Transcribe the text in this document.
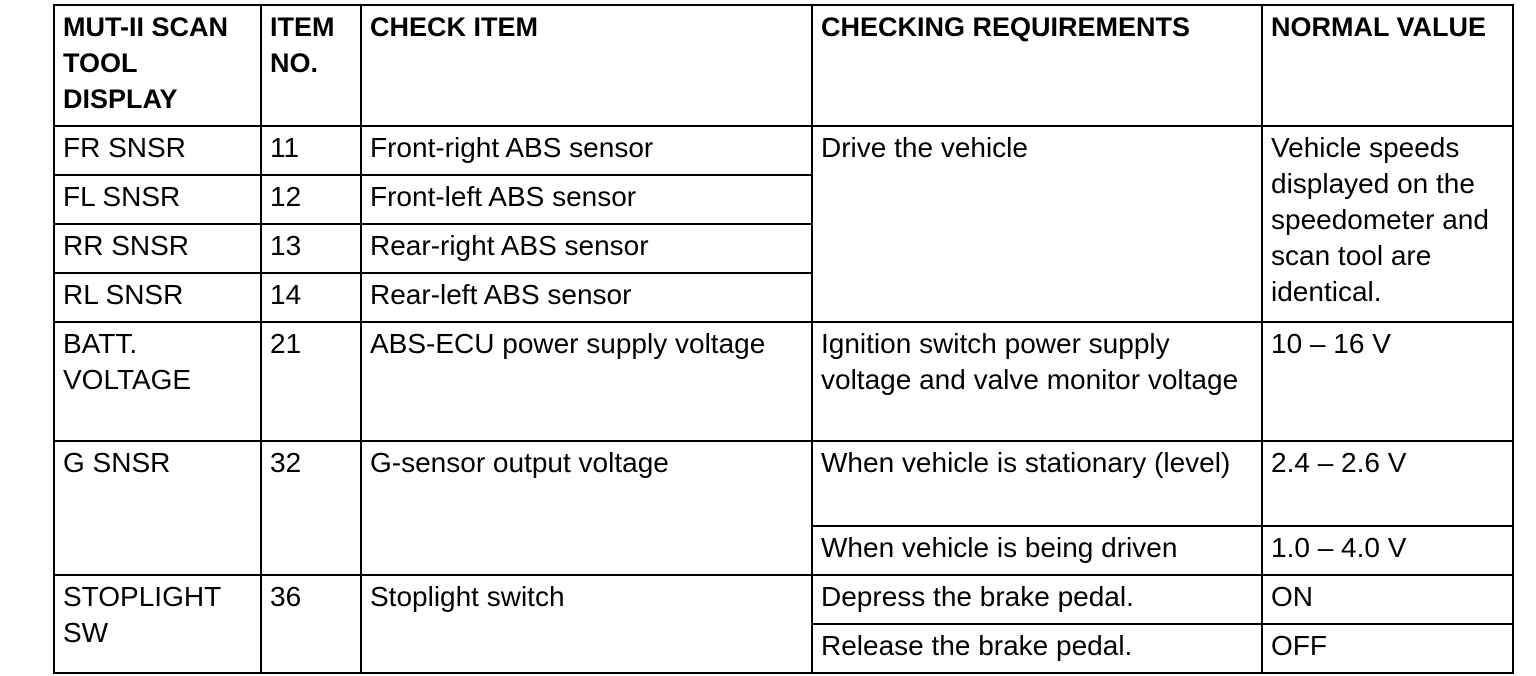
MUT-II SCAN TOOL DISPLAY	ITEM NO.	CHECK ITEM	CHECKING REQUIREMENTS	NORMAL VALUE
FR SNSR	11	Front-right ABS sensor	Drive the vehicle	Vehicle speeds displayed on the speedometer and scan tool are identical.
FL SNSR	12	Front-left ABS sensor		
RR SNSR	13	Rear-right ABS sensor		
RL SNSR	14	Rear-left ABS sensor		
BATT. VOLTAGE	21	ABS-ECU power supply voltage	Ignition switch power supply voltage and valve monitor voltage	10 – 16 V
G SNSR	32	G-sensor output voltage	When vehicle is stationary (level)	2.4 – 2.6 V
			When vehicle is being driven	1.0 – 4.0 V
STOPLIGHT SW	36	Stoplight switch	Depress the brake pedal.	ON
			Release the brake pedal.	OFF
